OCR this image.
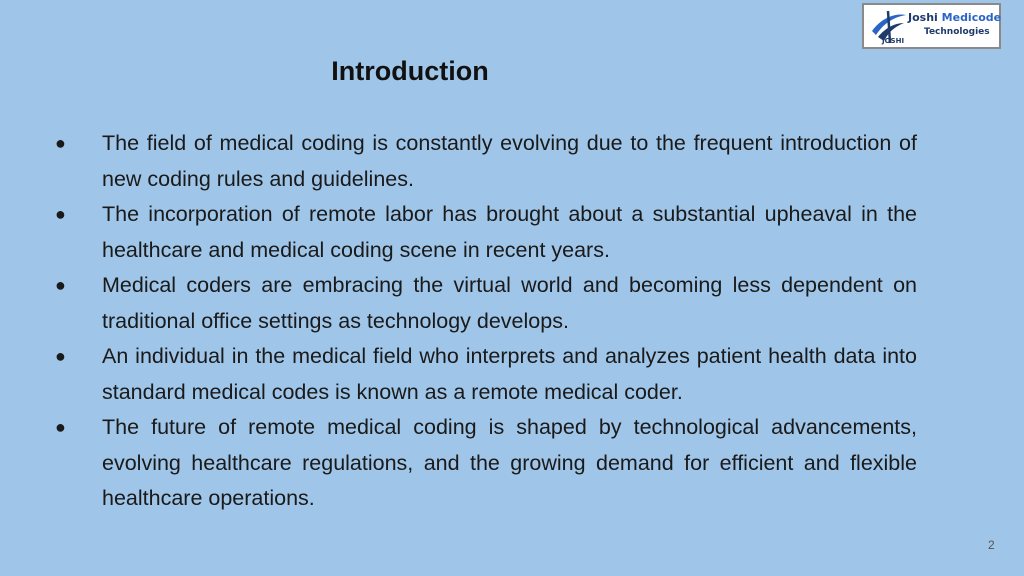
Joshi Medicode
Technologies
JOSHI
Introduction
● The field of medical coding is constantly evolving due to the frequent introduction of new coding rules and guidelines.
● The incorporation of remote labor has brought about a substantial upheaval in the healthcare and medical coding scene in recent years.
● Medical coders are embracing the virtual world and becoming less dependent on traditional office settings as technology develops.
● An individual in the medical field who interprets and analyzes patient health data into standard medical codes is known as a remote medical coder.
● The future of remote medical coding is shaped by technological advancements, evolving healthcare regulations, and the growing demand for efficient and flexible healthcare operations.
2
